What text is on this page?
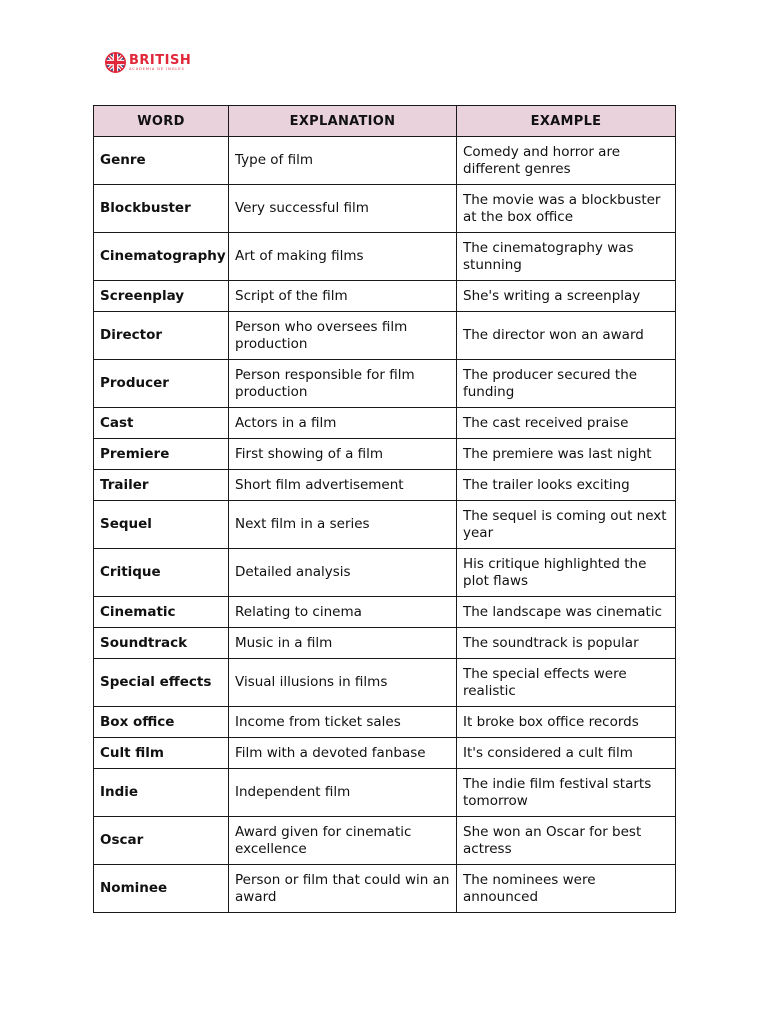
BRITISH
ACADEMIA DE INGLES
WORD	EXPLANATION	EXAMPLE
Genre	Type of film	Comedy and horror are different genres
Blockbuster	Very successful film	The movie was a blockbuster at the box office
Cinematography	Art of making films	The cinematography was stunning
Screenplay	Script of the film	She's writing a screenplay
Director	Person who oversees film production	The director won an award
Producer	Person responsible for film production	The producer secured the funding
Cast	Actors in a film	The cast received praise
Premiere	First showing of a film	The premiere was last night
Trailer	Short film advertisement	The trailer looks exciting
Sequel	Next film in a series	The sequel is coming out next year
Critique	Detailed analysis	His critique highlighted the plot flaws
Cinematic	Relating to cinema	The landscape was cinematic
Soundtrack	Music in a film	The soundtrack is popular
Special effects	Visual illusions in films	The special effects were realistic
Box office	Income from ticket sales	It broke box office records
Cult film	Film with a devoted fanbase	It's considered a cult film
Indie	Independent film	The indie film festival starts tomorrow
Oscar	Award given for cinematic excellence	She won an Oscar for best actress
Nominee	Person or film that could win an award	The nominees were announced
